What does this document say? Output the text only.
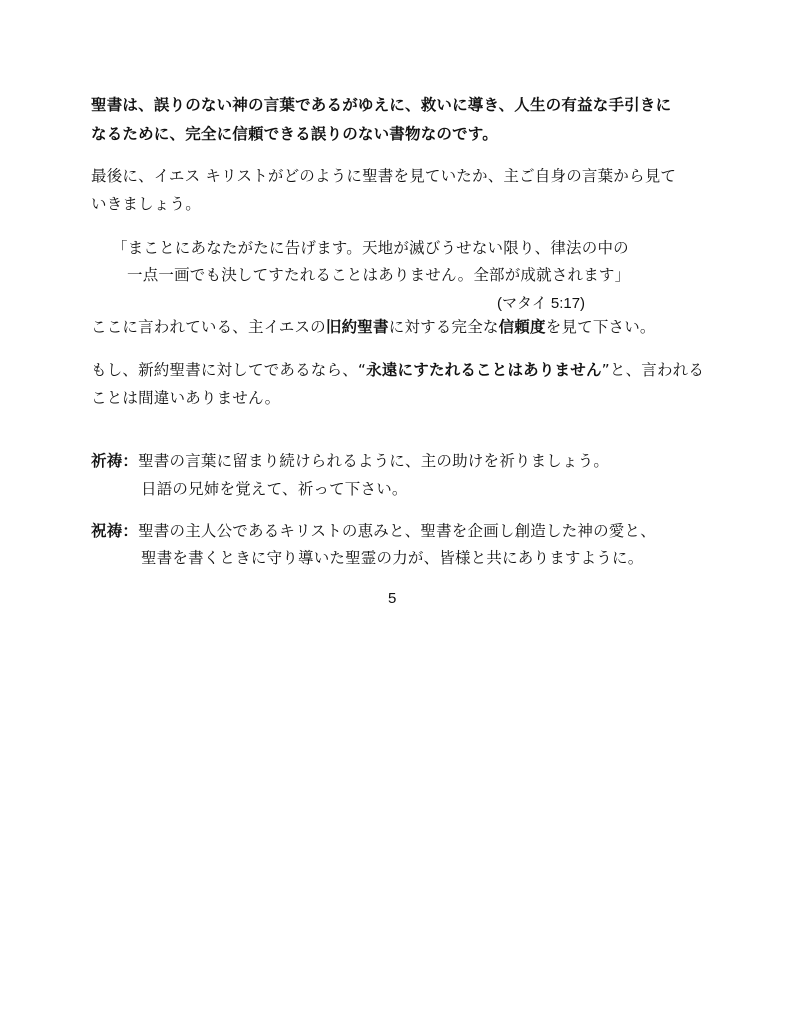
聖書は、誤りのない神の言葉であるがゆえに、救いに導き、人生の有益な手引きに
なるために、完全に信頼できる誤りのない書物なのです。
最後に、イエス キリストがどのように聖書を見ていたか、主ご自身の言葉から見て
いきましょう。
「まことにあなたがたに告げます。天地が滅びうせない限り、律法の中の
一点一画でも決してすたれることはありません。全部が成就されます」
(マタイ 5:17)
ここに言われている、主イエスの旧約聖書に対する完全な信頼度を見て下さい。
もし、新約聖書に対してであるなら、“永遠にすたれることはありません”と、言われる
ことは間違いありません。
祈祷：聖書の言葉に留まり続けられるように、主の助けを祈りましょう。
日語の兄姉を覚えて、祈って下さい。
祝祷：聖書の主人公であるキリストの恵みと、聖書を企画し創造した神の愛と、
聖書を書くときに守り導いた聖霊の力が、皆様と共にありますように。
5
